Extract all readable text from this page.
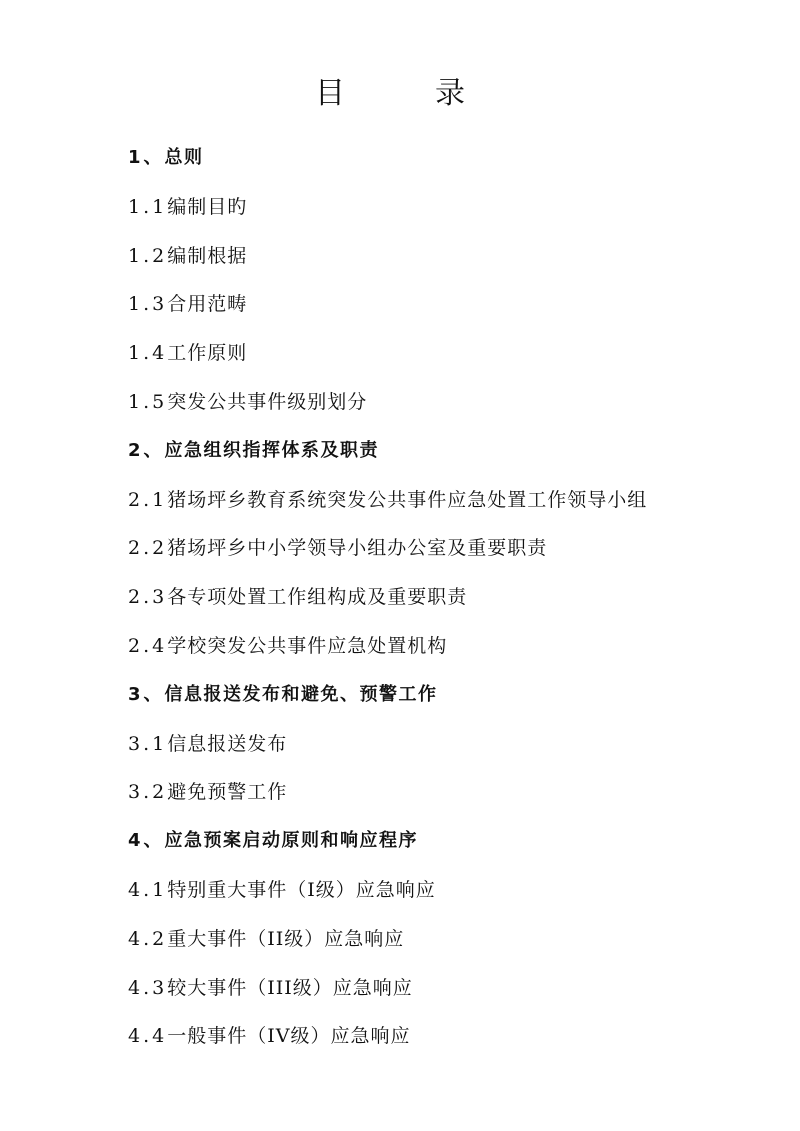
目　录
1、总则
1.1编制目旳
1.2编制根据
1.3合用范畴
1.4工作原则
1.5突发公共事件级别划分
2、应急组织指挥体系及职责
2.1猪场坪乡教育系统突发公共事件应急处置工作领导小组
2.2猪场坪乡中小学领导小组办公室及重要职责
2.3各专项处置工作组构成及重要职责
2.4学校突发公共事件应急处置机构
3、信息报送发布和避免、预警工作
3.1信息报送发布
3.2避免预警工作
4、应急预案启动原则和响应程序
4.1特别重大事件（Ⅰ级）应急响应
4.2重大事件（II级）应急响应
4.3较大事件（III级）应急响应
4.4一般事件（IV级）应急响应
